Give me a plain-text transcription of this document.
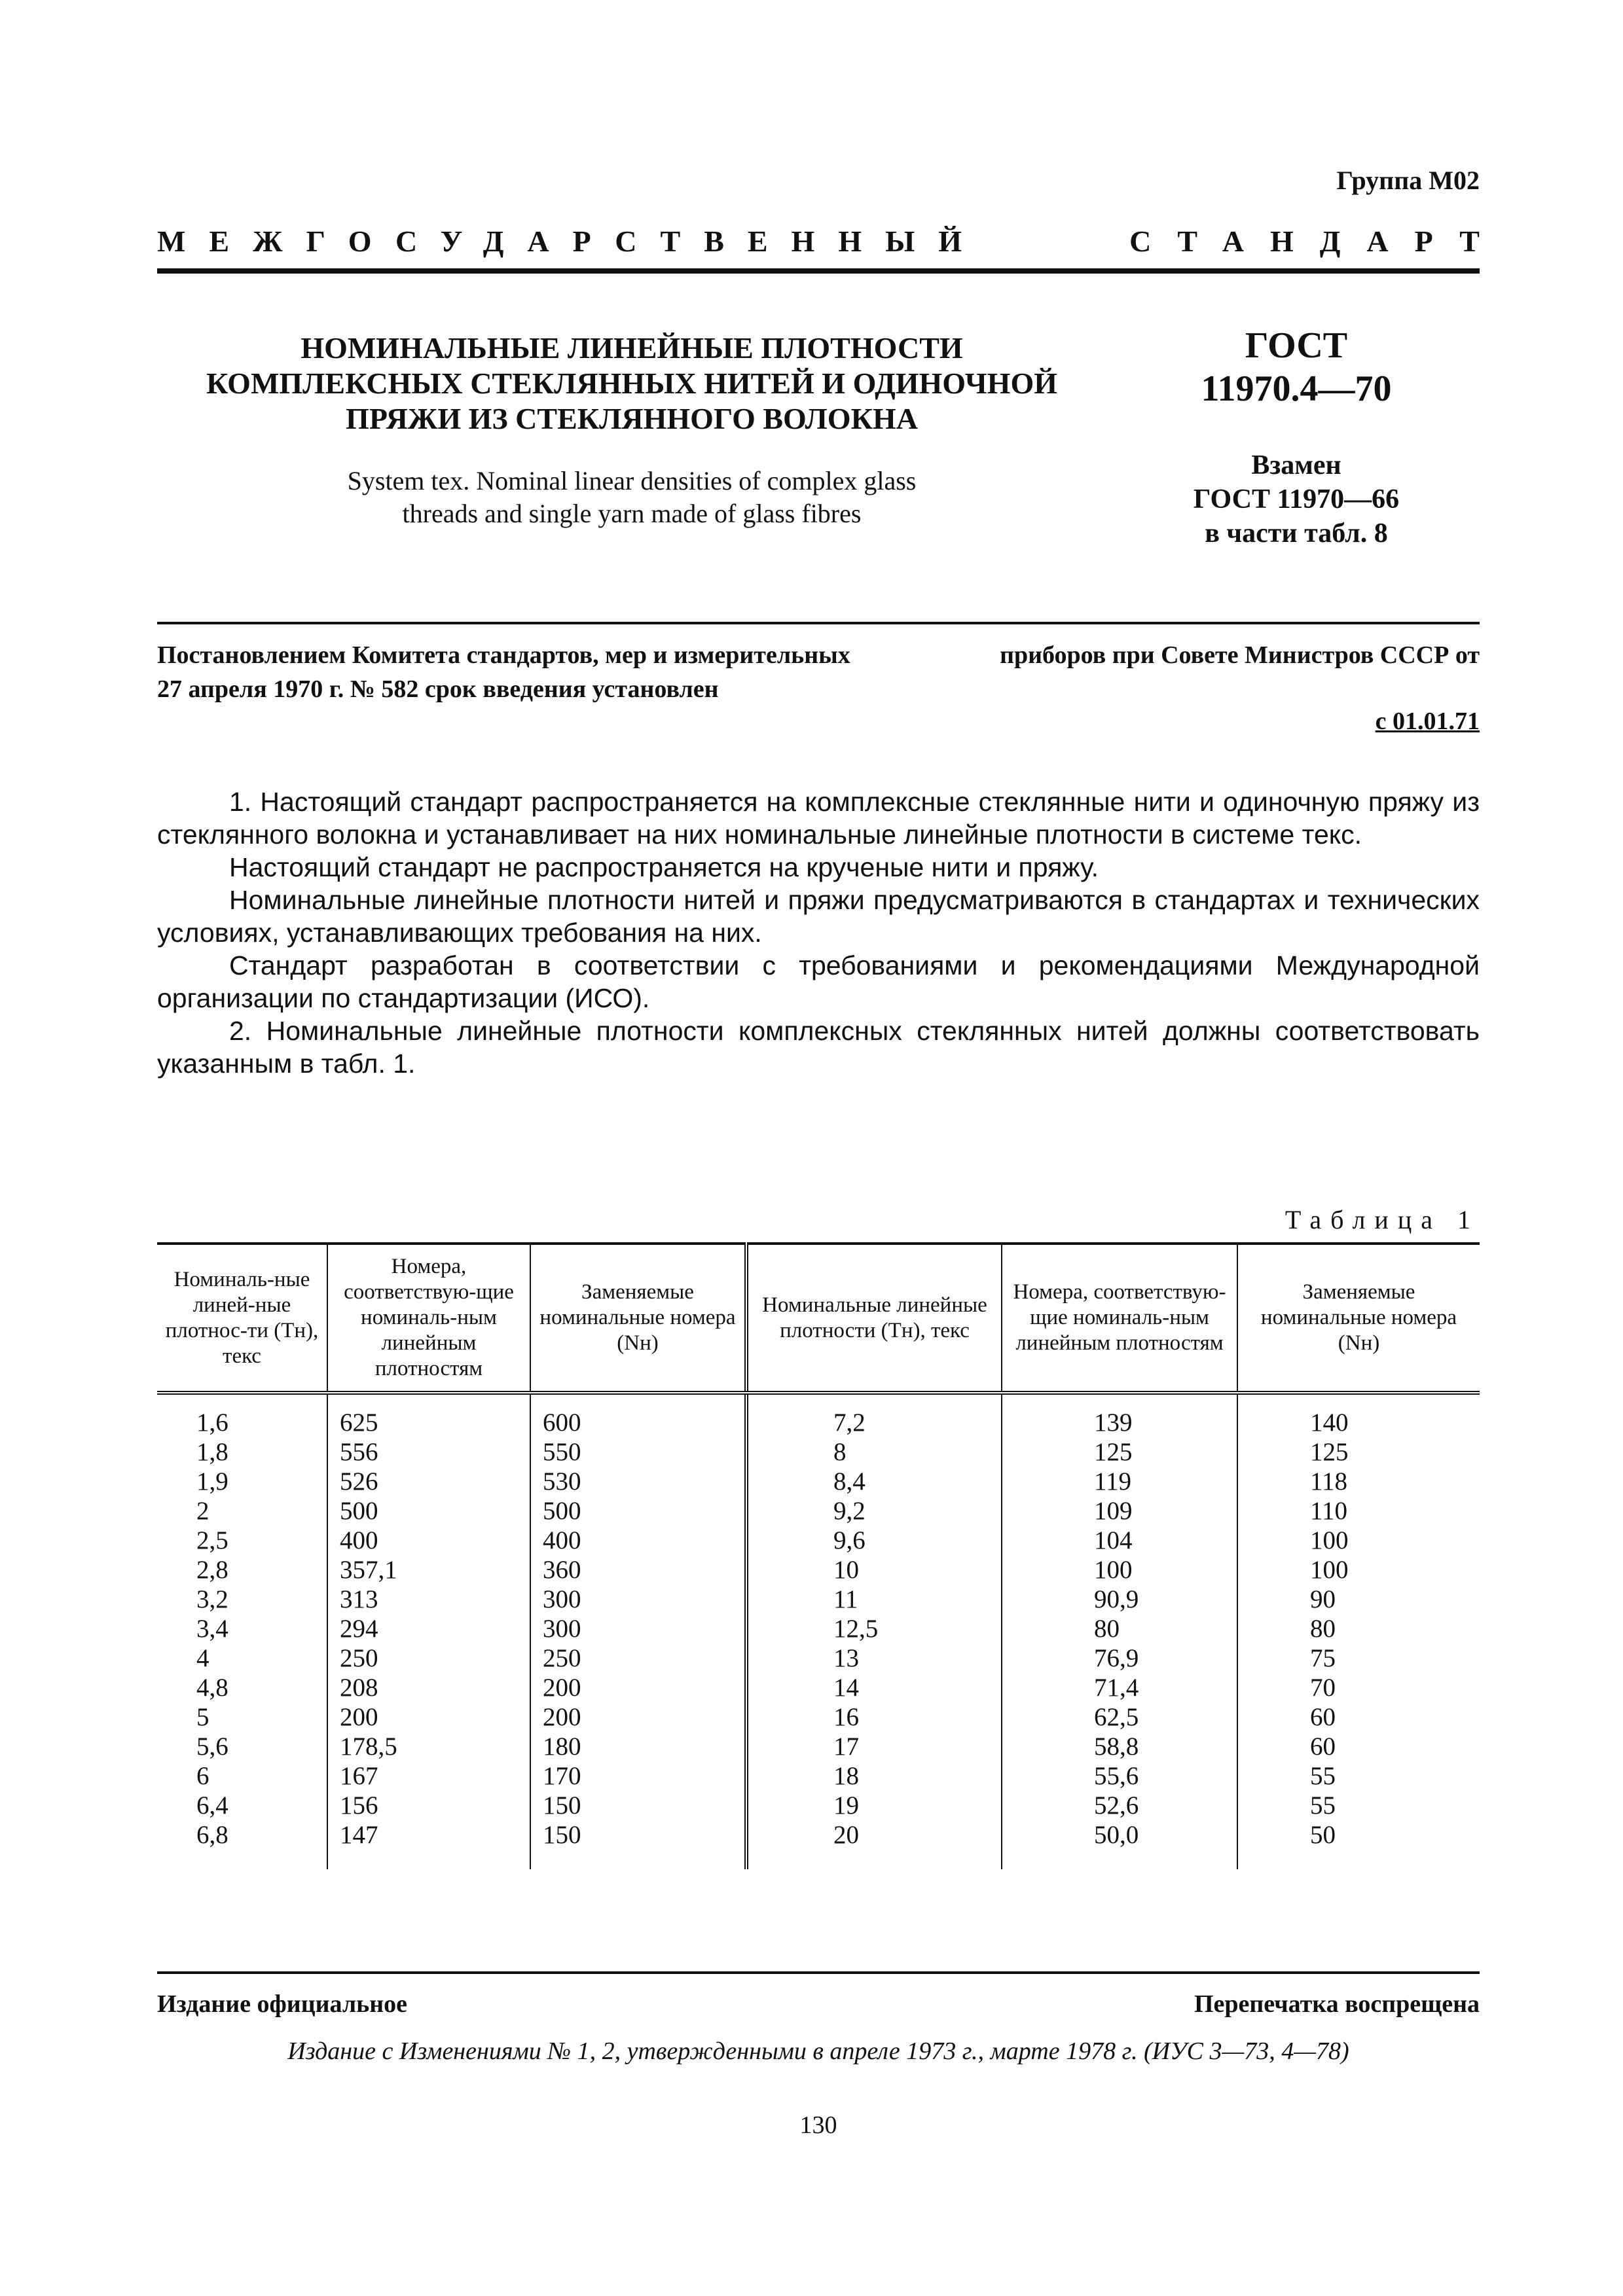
Группа М02
МЕЖГОСУДАРСТВЕННЫЙ	СТАНДАРТ
НОМИНАЛЬНЫЕ ЛИНЕЙНЫЕ ПЛОТНОСТИ
КОМПЛЕКСНЫХ СТЕКЛЯННЫХ НИТЕЙ И ОДИНОЧНОЙ
ПРЯЖИ ИЗ СТЕКЛЯННОГО ВОЛОКНА
System tex. Nominal linear densities of complex glass
threads and single yarn made of glass fibres
ГОСТ
11970.4—70
Взамен
ГОСТ 11970—66
в части табл. 8
Постановлением Комитета стандартов, мер и измерительных	приборов при Совете Министров СССР от
27 апреля 1970 г. № 582 срок введения установлен
с 01.01.71

1. Настоящий стандарт распространяется на комплексные стеклянные нити и одиночную пряжу из стеклянного волокна и устанавливает на них номинальные линейные плотности в системе текс.

Настоящий стандарт не распространяется на крученые нити и пряжу.

Номинальные линейные плотности нитей и пряжи предусматриваются в стандартах и технических условиях, устанавливающих требования на них.

Стандарт разработан в соответствии с требованиями и рекомендациями Международной организации по стандартизации (ИСО).

2. Номинальные линейные плотности комплексных стеклянных нитей должны соответствовать указанным в табл. 1.

Таблица 1
Номиналь-ные линей-ные плотнос-ти (Tн), текс	Номера, соответствую-щие номиналь-ным линейным плотностям	Заменяемые номинальные номера (Nн)	Номинальные линейные плотности (Tн), текс	Номера, соответствую-щие номиналь-ным линейным плотностям	Заменяемые номинальные номера (Nн)
1,6	625	600	7,2	139	140
1,8	556	550	8	125	125
1,9	526	530	8,4	119	118
2	500	500	9,2	109	110
2,5	400	400	9,6	104	100
2,8	357,1	360	10	100	100
3,2	313	300	11	90,9	90
3,4	294	300	12,5	80	80
4	250	250	13	76,9	75
4,8	208	200	14	71,4	70
5	200	200	16	62,5	60
5,6	178,5	180	17	58,8	60
6	167	170	18	55,6	55
6,4	156	150	19	52,6	55
6,8	147	150	20	50,0	50
Издание официальное	Перепечатка воспрещена
Издание с Изменениями № 1, 2, утвержденными в апреле 1973 г., марте 1978 г. (ИУС 3—73, 4—78)
130
